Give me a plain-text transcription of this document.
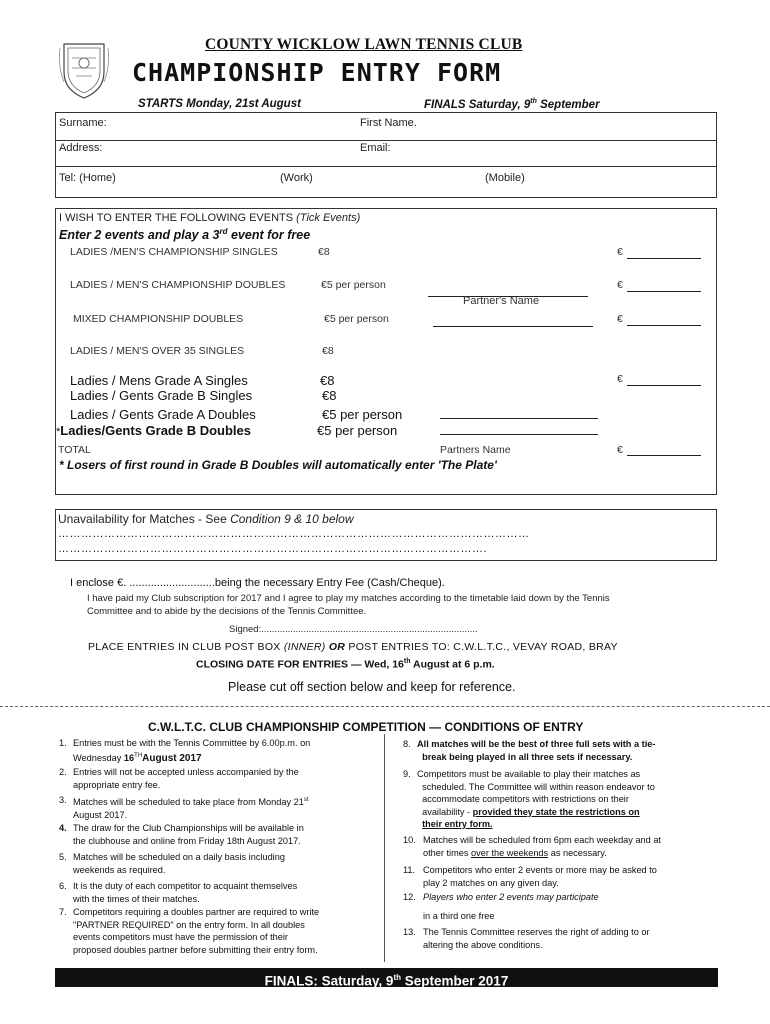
COUNTY WICKLOW LAWN TENNIS CLUB
CHAMPIONSHIP ENTRY FORM
STARTS Monday, 21st August	FINALS Saturday, 9th September
Surname:	First Name.
Address:	Email:
Tel: (Home)	(Work)	(Mobile)
I WISH TO ENTER THE FOLLOWING EVENTS (Tick Events)
Enter 2 events and play a 3rd event for free
LADIES /MEN'S CHAMPIONSHIP SINGLES	€8	€
LADIES / MEN'S CHAMPIONSHIP DOUBLES	€5 per person	€
Partner's Name
MIXED CHAMPIONSHIP DOUBLES	€5 per person	€
LADIES / MEN'S OVER 35 SINGLES	€8
Ladies / Mens Grade A Singles	€8	€
Ladies / Gents Grade B Singles	€8
Ladies / Gents Grade A Doubles	€5 per person
*Ladies/Gents Grade B Doubles	€5 per person
TOTAL	Partners Name	€
* Losers of first round in Grade B Doubles will automatically enter 'The Plate'
Unavailability for Matches - See Condition 9 & 10 below
……………………………………………………………………………………………………………
………………………………………………………………………………………………….
I enclose €. ............................being the necessary Entry Fee (Cash/Cheque).
I have paid my Club subscription for 2017 and I agree to play my matches according to the timetable laid down by the Tennis
Committee and to abide by the decisions of the Tennis Committee.
Signed:..................................................................................
PLACE ENTRIES IN CLUB POST BOX (INNER) OR POST ENTRIES TO: C.W.L.T.C., VEVAY ROAD, BRAY
CLOSING DATE FOR ENTRIES — Wed, 16th August at 6 p.m.
Please cut off section below and keep for reference.
C.W.L.T.C. CLUB CHAMPIONSHIP COMPETITION — CONDITIONS OF ENTRY
1. Entries must be with the Tennis Committee by 6.00p.m. on
Wednesday 16THAugust 2017
2. Entries will not be accepted unless accompanied by the
appropriate entry fee.
3. Matches will be scheduled to take place from Monday 21st
August 2017.
4. The draw for the Club Championships will be available in
the clubhouse and online from Friday 18th August 2017.
5. Matches will be scheduled on a daily basis including
weekends as required.
6. It is the duty of each competitor to acquaint themselves
with the times of their matches.
7. Competitors requiring a doubles partner are required to write
"PARTNER REQUIRED" on the entry form. In all doubles
events competitors must have the permission of their
proposed doubles partner before submitting their entry form.
8. All matches will be the best of three full sets with a tie-
break being played in all three sets if necessary.
9. Competitors must be available to play their matches as
scheduled. The Committee will within reason endeavor to
accommodate competitors with restrictions on their
availability - provided they state the restrictions on
their entry form.
10. Matches will be scheduled from 6pm each weekday and at
other times over the weekends as necessary.
11. Competitors who enter 2 events or more may be asked to
play 2 matches on any given day.
12. Players who enter 2 events may participate
in a third one free
13. The Tennis Committee reserves the right of adding to or
altering the above conditions.
FINALS: Saturday, 9th September 2017
